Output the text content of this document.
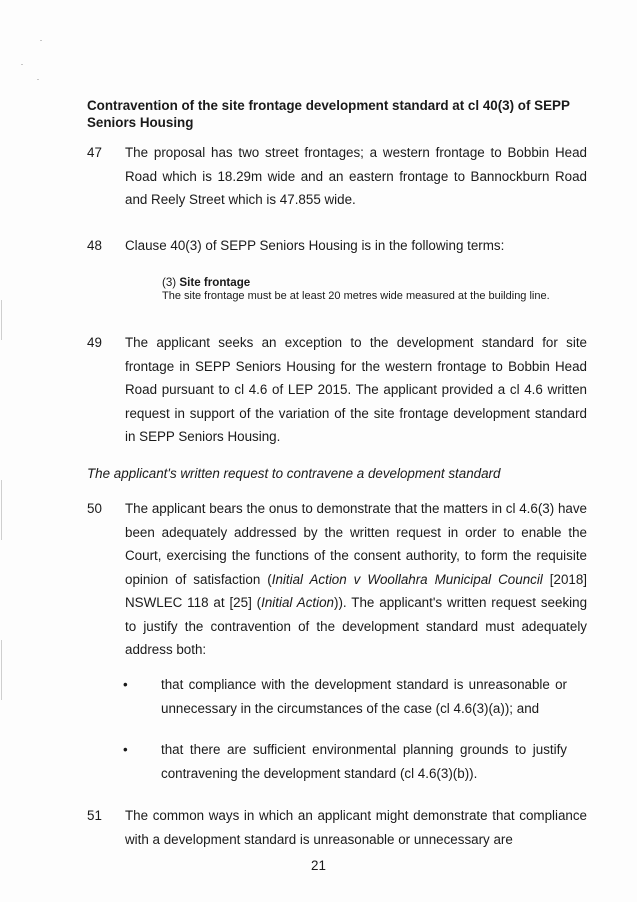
Contravention of the site frontage development standard at cl 40(3) of SEPP Seniors Housing
47 The proposal has two street frontages; a western frontage to Bobbin Head Road which is 18.29m wide and an eastern frontage to Bannockburn Road and Reely Street which is 47.855 wide.
48 Clause 40(3) of SEPP Seniors Housing is in the following terms:
(3) Site frontage
The site frontage must be at least 20 metres wide measured at the building line.
49 The applicant seeks an exception to the development standard for site frontage in SEPP Seniors Housing for the western frontage to Bobbin Head Road pursuant to cl 4.6 of LEP 2015. The applicant provided a cl 4.6 written request in support of the variation of the site frontage development standard in SEPP Seniors Housing.
The applicant's written request to contravene a development standard
50 The applicant bears the onus to demonstrate that the matters in cl 4.6(3) have been adequately addressed by the written request in order to enable the Court, exercising the functions of the consent authority, to form the requisite opinion of satisfaction (Initial Action v Woollahra Municipal Council [2018] NSWLEC 118 at [25] (Initial Action)). The applicant's written request seeking to justify the contravention of the development standard must adequately address both:
• that compliance with the development standard is unreasonable or unnecessary in the circumstances of the case (cl 4.6(3)(a)); and
• that there are sufficient environmental planning grounds to justify contravening the development standard (cl 4.6(3)(b)).
51 The common ways in which an applicant might demonstrate that compliance with a development standard is unreasonable or unnecessary are
21
